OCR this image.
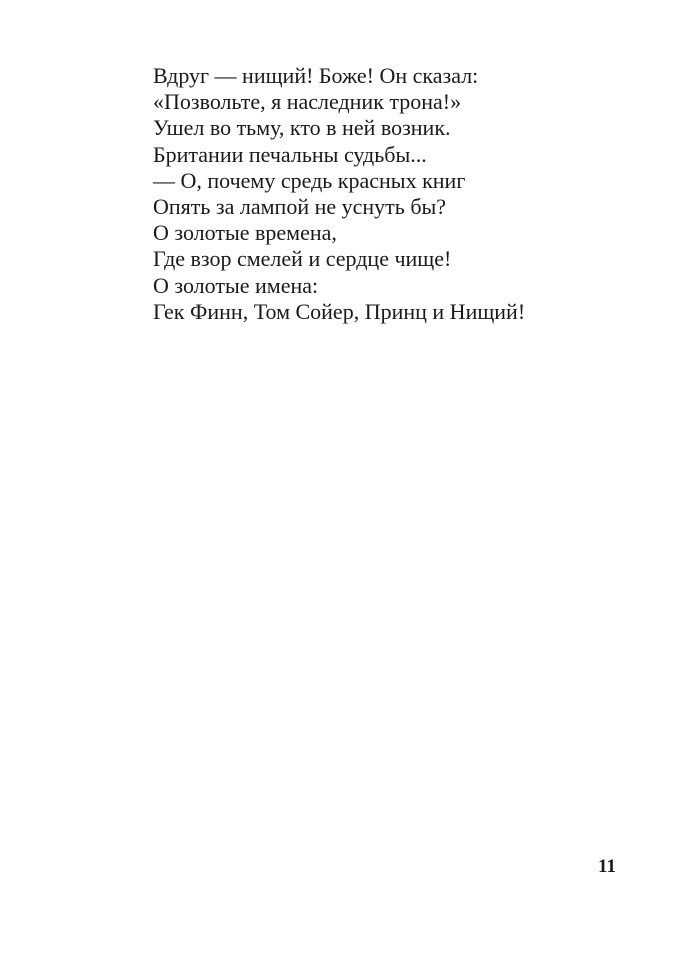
Вдруг — нищий! Боже! Он сказал:
«Позвольте, я наследник трона!»
Ушел во тьму, кто в ней возник.
Британии печальны судьбы...
— О, почему средь красных книг
Опять за лампой не уснуть бы?
О золотые времена,
Где взор смелей и сердце чище!
О золотые имена:
Гек Финн, Том Сойер, Принц и Нищий!
11
